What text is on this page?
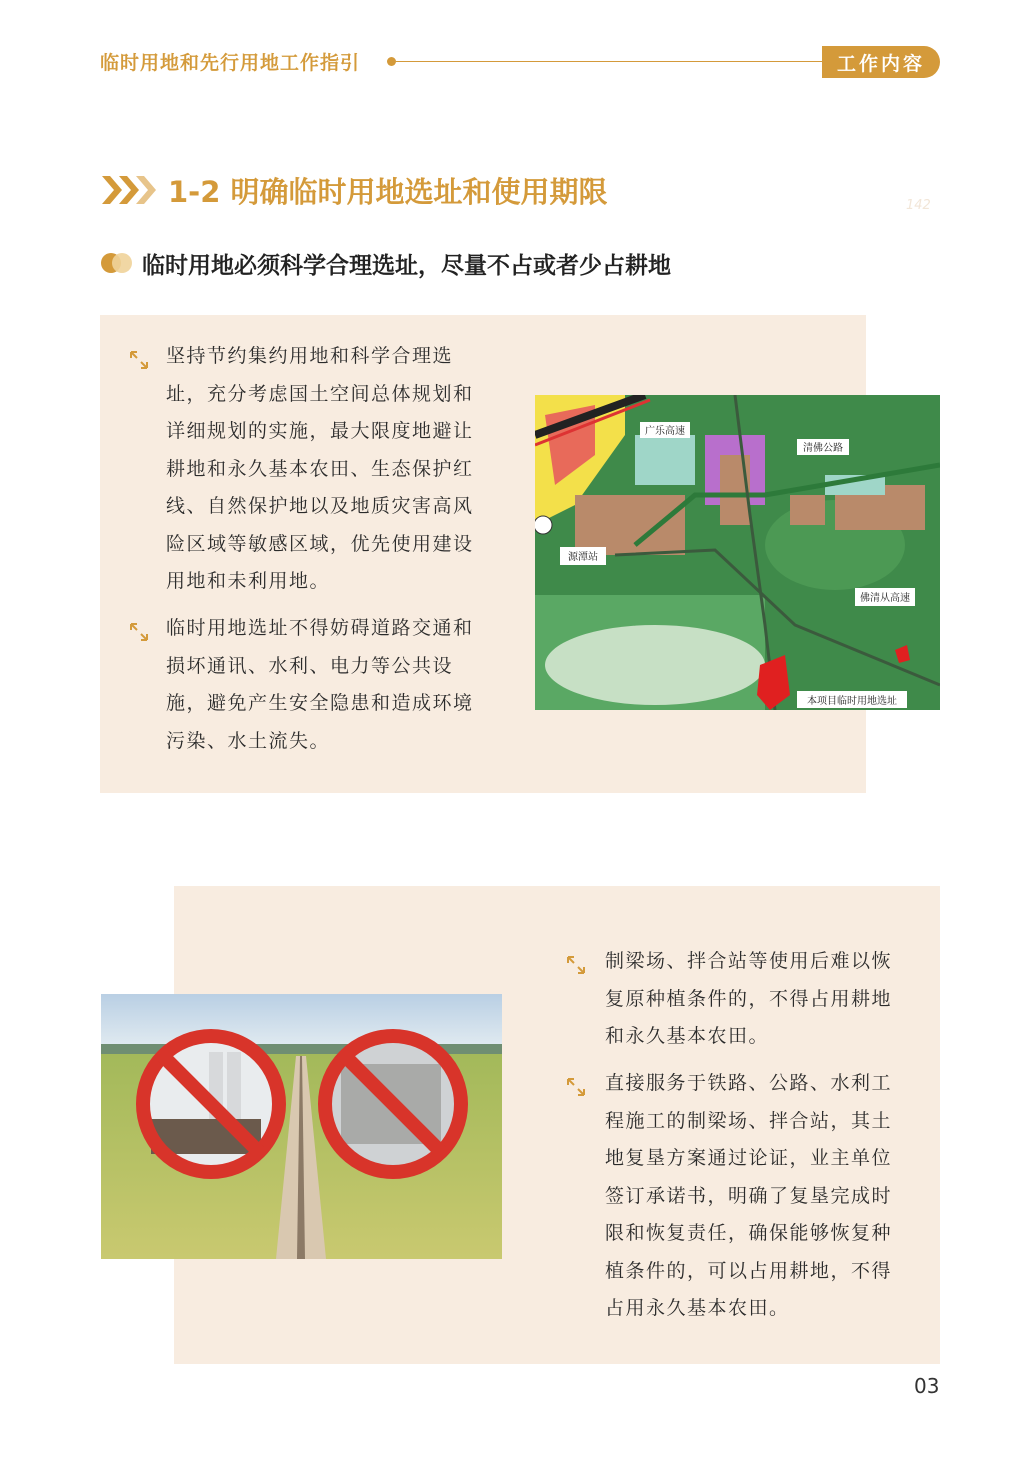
临时用地和先行用地工作指引	工作内容
1-2 明确临时用地选址和使用期限	142
临时用地必须科学合理选址，尽量不占或者少占耕地
坚持节约集约用地和科学合理选址，充分考虑国土空间总体规划和详细规划的实施，最大限度地避让耕地和永久基本农田、生态保护红线、自然保护地以及地质灾害高风险区域等敏感区域，优先使用建设用地和未利用地。
临时用地选址不得妨碍道路交通和损坏通讯、水利、电力等公共设施，避免产生安全隐患和造成环境污染、水土流失。
广乐高速
清佛公路
源潭站
佛清从高速
本项目临时用地选址
制梁场、拌合站等使用后难以恢复原种植条件的，不得占用耕地和永久基本农田。
直接服务于铁路、公路、水利工程施工的制梁场、拌合站，其土地复垦方案通过论证，业主单位签订承诺书，明确了复垦完成时限和恢复责任，确保能够恢复种植条件的，可以占用耕地，不得占用永久基本农田。
03
